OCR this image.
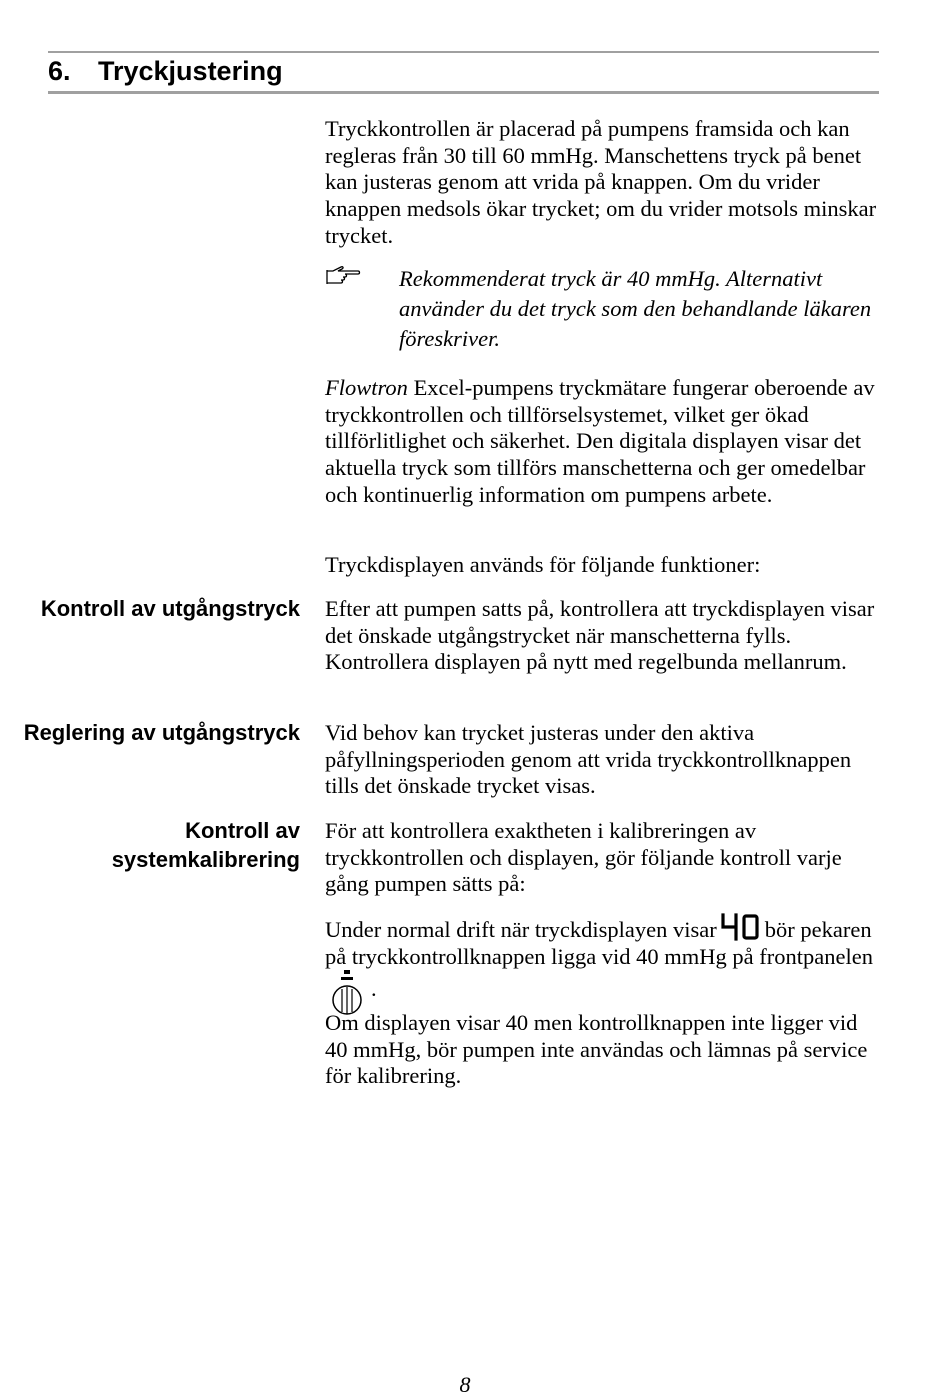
6. Tryckjustering

Tryckkontrollen är placerad på pumpens framsida och kan regleras från 30 till 60 mmHg. Manschettens tryck på benet kan justeras genom att vrida på knappen. Om du vrider knappen medsols ökar trycket; om du vrider motsols minskar trycket.

Rekommenderat tryck är 40 mmHg. Alternativt använder du det tryck som den behandlande läkaren föreskriver.

Flowtron Excel-pumpens tryckmätare fungerar oberoende av tryckkontrollen och tillförselsystemet, vilket ger ökad tillförlitlighet och säkerhet. Den digitala displayen visar det aktuella tryck som tillförs manschetterna och ger omedelbar och kontinuerlig information om pumpens arbete.

Tryckdisplayen används för följande funktioner:

Kontroll av utgångstryck Efter att pumpen satts på, kontrollera att tryckdisplayen visar det önskade utgångstrycket när manschetterna fylls. Kontrollera displayen på nytt med regelbunda mellanrum.

Reglering av utgångstryck Vid behov kan trycket justeras under den aktiva påfyllningsperioden genom att vrida tryckkontrollknappen tills det önskade trycket visas.

Kontroll av systemkalibrering

För att kontrollera exaktheten i kalibreringen av tryckkontrollen och displayen, gör följande kontroll varje gång pumpen sätts på:

Under normal drift när tryckdisplayen visar bör pekaren på tryckkontrollknappen ligga vid 40 mmHg på frontpanelen.

Om displayen visar 40 men kontrollknappen inte ligger vid 40 mmHg, bör pumpen inte användas och lämnas på service för kalibrering.

8
